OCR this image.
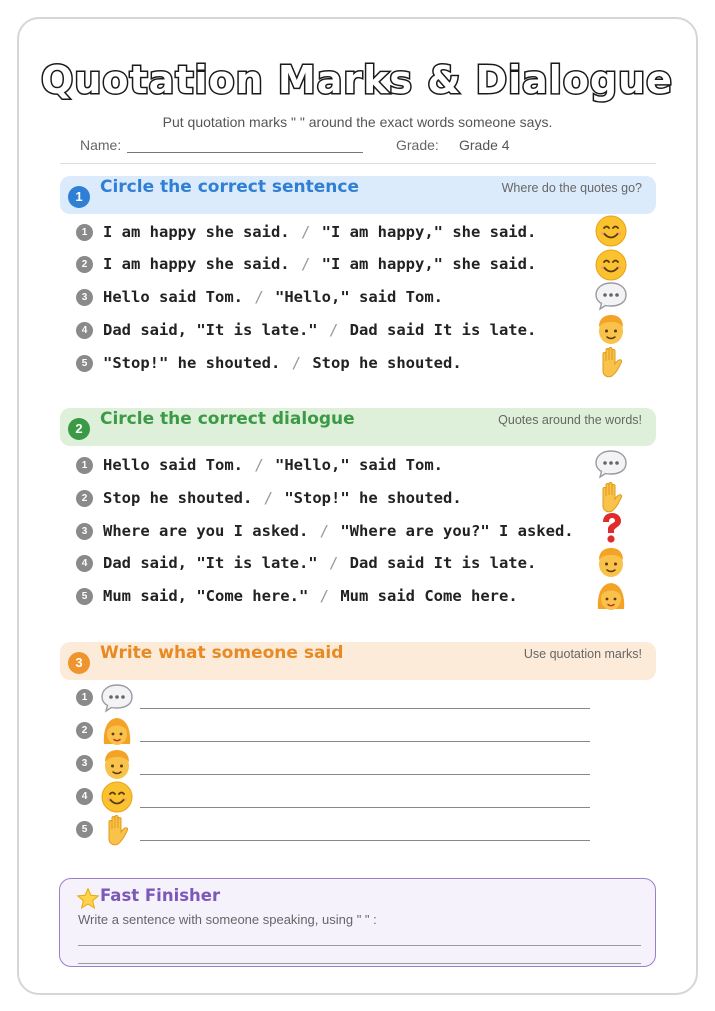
Quotation Marks & Dialogue
Put quotation marks " " around the exact words someone says.
Name:	Grade: Grade 4
1	Circle the correct sentence	Where do the quotes go?
1	I am happy she said. / "I am happy," she said.
2	I am happy she said. / "I am happy," she said.
3	Hello said Tom. / "Hello," said Tom.
4	Dad said, "It is late." / Dad said It is late.
5	"Stop!" he shouted. / Stop he shouted.
2	Circle the correct dialogue	Quotes around the words!
1	Hello said Tom. / "Hello," said Tom.
2	Stop he shouted. / "Stop!" he shouted.
3	Where are you I asked. / "Where are you?" I asked.
4	Dad said, "It is late." / Dad said It is late.
5	Mum said, "Come here." / Mum said Come here.
3	Write what someone said	Use quotation marks!
1
2
3
4
5
Fast Finisher
Write a sentence with someone speaking, using " " :
